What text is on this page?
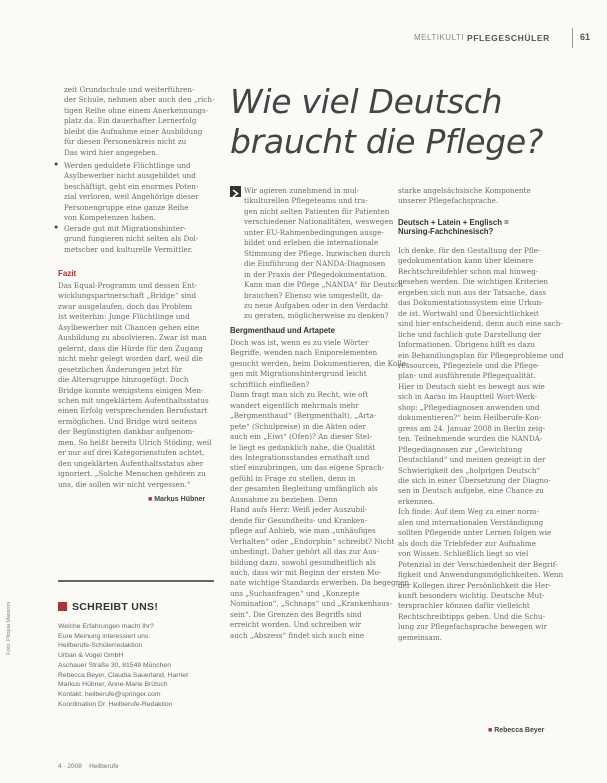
MELTIKULTI PFLEGESCHÜLER	61
Wie viel Deutsch
braucht die Pflege?
zeit Grundschule und weiterführen-
der Schule, nehmen aber auch den „rich-
tigen Reihe ohne einem Anerkennungs-
platz da. Ein dauerhafter Lernerfolg
bleibt die Aufnahme einer Ausbildung
für diesen Personenkreis nicht zu
Das wird hier angegeben.
● Werden geduldete Flüchtlinge und
Asylbewerber nicht ausgebildet und
beschäftigt, geht ein enormes Poten-
zial verloren, weil Angehörige dieser
Personengruppe eine ganze Reihe
von Kompetenzen haben.
● Gerade gut mit Migrationshinter-
grund fungieren nicht selten als Dol-
metscher und kulturelle Vermittler.
Fazit
Das Equal-Programm und dessen Ent-
wicklungspartnerschaft „Bridge“ sind
zwar ausgelaufen, doch das Problem
ist weiterhin: Junge Flüchtlinge und
Asylbewerber mit Chancen gehen eine
Ausbildung zu absolvieren. Zwar ist man
gelernt, dass die Hürde für den Zugang
nicht mehr gelegt worden darf, weil die
gesetzlichen Änderungen jetzt für
die Altersgruppe hinzugefügt. Doch
Bridge konnte wenigstens einigen Men-
schen mit ungeklärtem Aufenthaltsstatus
einen Erfolg versprechenden Berufsstart
ermöglichen. Und Bridge wird seitens
der Begünstigten dankbar aufgenom-
men. So heißt bereits Ulrich Stöding, weil
er nur auf drei Kategorienstufen achtet,
den ungeklärten Aufenthaltsstatus aber
ignoriert. „Solche Menschen gehören zu
uns, die sollen wir nicht vergessen.“
■ Markus Hübner
SCHREIBT UNS!
Welche Erfahrungen macht Ihr?
Eure Meinung interessiert uns.
Heilberufe-Schülerredaktion
Urban & Vogel GmbH
Aschauer Straße 30, 81549 München
Rebecca Beyer, Claudia Sauerland, Harriet
Markus Hübner, Anne-Marie Brütsch
Kontakt: heilberufe@springer.com
Koordination Dr. Heilberufe-Redaktion
Wir agieren zunehmend in mul-
tikulturellen Pflegeteams und tra-
gen nicht selten Patienten für Patienten
verschiedener Nationalitäten, weswegen
unter EU-Rahmenbedingungen ausge-
bildet und erleben die internationale
Stimmung der Pflege. Inzwischen durch
die Einführung der NANDA-Diagnosen
in der Praxis der Pflegedokumentation.
Kann man die Pflege „NANDA“ für Deutsch
brauchen? Ebenso wie umgestellt, da-
zu neue Aufgaben oder in den Verdacht
zu geraten, möglicherweise zu denken?
Bergmenthaud und Artapete
Doch was ist, wenn es zu viele Wörter
Begriffe, wenden nach Emporelementen
gesucht werden, beim Dokumentieren, die Kolle-
gen mit Migrationshintergrund leicht
schriftlich einfließen?
Dann fragt man sich zu Recht, wie oft
wandert eigentlich mehrmals mehr
„Bergmenthaud“ (Bergmenthalt), „Arta-
pete“ (Schulpreise) in die Akten oder
auch ein „Eiwi“ (Ofen)? An dieser Stel-
le liegt es gedanklich nahe, die Qualität
des Integrationsstandes ernsthaft und
stief einzubringen, um das eigene Sprach-
gefühl in Frage zu stellen, denn in
der gesamten Begleitung umfänglich als
Ausnahme zu beziehen. Denn
Hand aufs Herz: Weiß jeder Auszubil-
dende für Gesundheits- und Kranken-
pflege auf Anhieb, wie man „unhäufiges
Verhalten“ oder „Endorphin“ schreibt? Nicht
unbedingt. Daher gehört all das zur Aus-
bildung dazu, sowohl gesundheitlich als
auch, dass wir mit Beginn der ersten Mo-
nate wichtige Standards erwerben. Da begegnen
uns „Suchanfragen“ und „Konzepte
Nomination“, „Schnaps“ und „Krankenhaus-
sein“. Die Grenzen des Begriffs sind
erreicht worden. Und schreiben wir
auch „Abszess“ findet sich auch eine
starke angelsächsische Komponente
unserer Pflegefachsprache.
Deutsch + Latein + Englisch =
Nursing-Fachchinesisch?
Ich denke, für den Gestaltung der Pfle-
gedokumentation kann über kleinere
Rechtschreibfehler schon mal hinweg-
gesehen werden. Die wichtigen Kriterien
ergeben sich nun aus der Tatsache, dass
das Dokumentationssystem eine Urkun-
de ist. Wortwahl und Übersichtlichkeit
sind hier entscheidend, denn auch eine sach-
liche und fachlich gute Darstellung der
Informationen. Übrigens hilft es dazu
ein Behandlungsplan für Pflegeprobleme und
ressourcen, Pflegeziele und die Pflege-
plan- und ausführende Pflegequalität.
Hier in Deutsch sieht es bewegt aus wie
sich in Aarau im Hauptteil Wort-Werk-
shop: „Pflegediagnosen anwenden und
dokumentieren?“ beim Heilberufe-Kon-
gress am 24. Januar 2008 in Berlin zeig-
ten. Teilnehmende wurden die NANDA-
Pflegediagnosen zur „Gewichtung
Deutschland“ und meinen gezeigt in der
Schwierigkeit des „holprigen Deutsch“
die sich in einer Übersetzung der Diagno-
sen in Deutsch aufgebe, eine Chance zu
erkennen.
Ich finde: Auf dem Weg zu einer norm-
alen und internationalen Verständigung
sollten Pflegende unter Lernen folgen wie
als doch die Triebfeder zur Aufnahme
von Wissen. Schließlich liegt so viel
Potenzial in der Verschiedenheit der Begrif-
figkeit und Anwendungsmöglichkeiten. Wenn
der Kollegen ihrer Persönlichkeit die Her-
kunft besonders wichtig. Deutsche Mut-
tersprachler können dafür vielleicht
Rechtschreibtipps geben. Und die Schu-
lung zur Pflegefachsprache bewegen wir
gemeinsam.
■ Rebecca Beyer
Foto: Pitopia Massoni
4 · 2008 Heilberufe
